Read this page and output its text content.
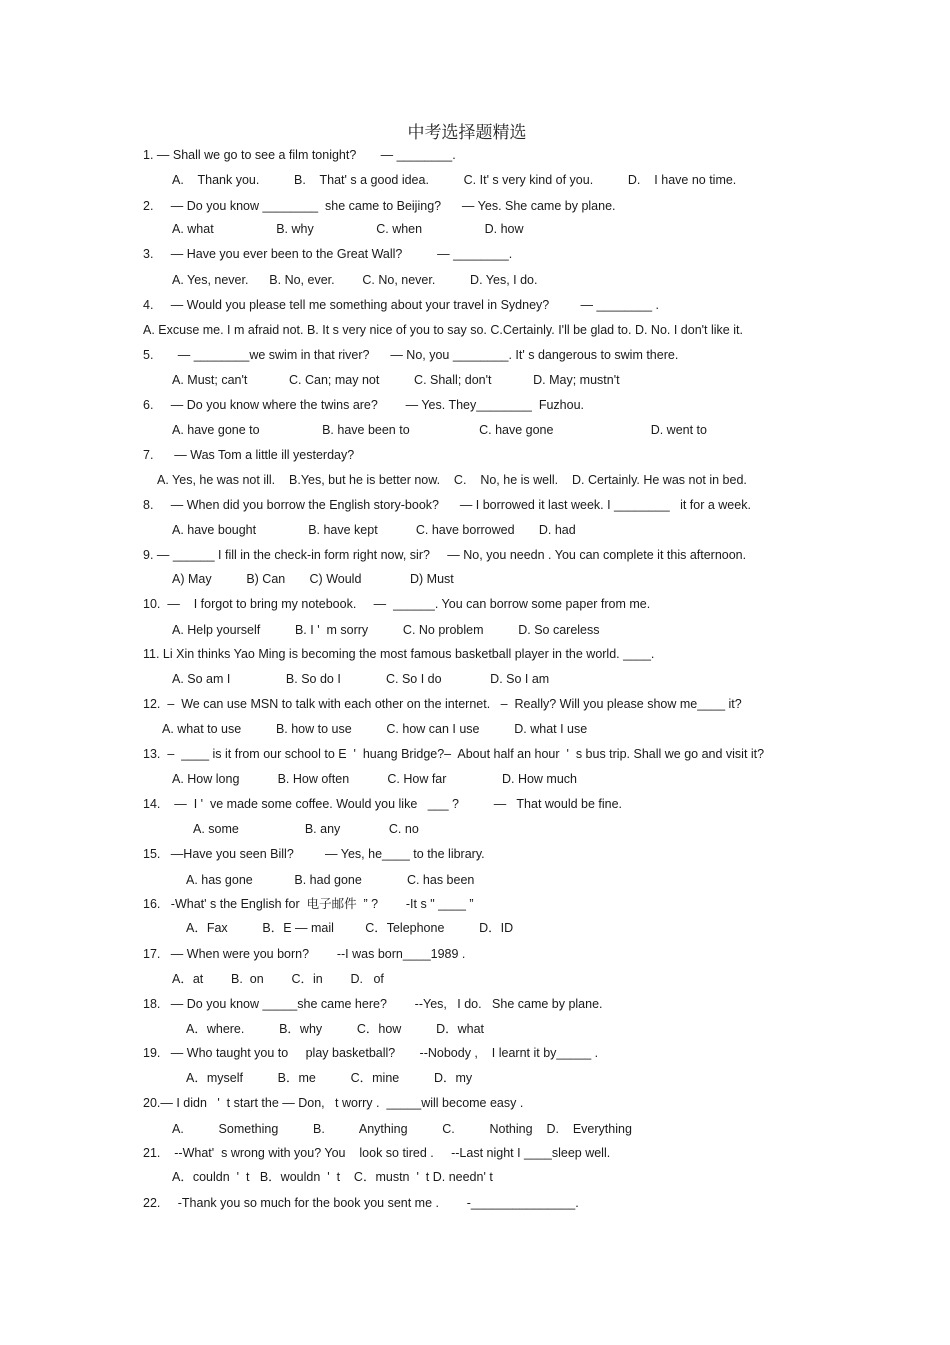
中考选择题精选
1. — Shall we go to see a film tonight?       — ________.
A.    Thank you.          B.    That' s a good idea.          C. It' s very kind of you.          D.    I have no time.
2.     — Do you know ________  she came to Beijing?      — Yes. She came by plane.
A. what                  B. why                  C. when                  D. how
3.     — Have you ever been to the Great Wall?          — ________.
A. Yes, never.      B. No, ever.        C. No, never.          D. Yes, I do.
4.     — Would you please tell me something about your travel in Sydney?         — ________ .
A. Excuse me. I m afraid not. B. It s very nice of you to say so. C.Certainly. I'll be glad to. D. No. I don't like it.
5.       — ________we swim in that river?      — No, you ________. It' s dangerous to swim there.
A. Must; can't            C. Can; may not          C. Shall; don't            D. May; mustn't
6.     — Do you know where the twins are?        — Yes. They________  Fuzhou.
A. have gone to                  B. have been to                    C. have gone                            D. went to
7.      — Was Tom a little ill yesterday?
A. Yes, he was not ill.    B.Yes, but he is better now.    C.    No, he is well.    D. Certainly. He was not in bed.
8.     — When did you borrow the English story-book?      — I borrowed it last week. I ________   it for a week.
A. have bought               B. have kept           C. have borrowed       D. had
9. — ______ I fill in the check-in form right now, sir?     — No, you needn . You can complete it this afternoon.
A) May          B) Can       C) Would              D) Must
10.  —    I forgot to bring my notebook.     —  ______. You can borrow some paper from me.
A. Help yourself          B. I '  m sorry          C. No problem          D. So careless
11. Li Xin thinks Yao Ming is becoming the most famous basketball player in the world. ____.
A. So am I                B. So do I             C. So I do              D. So I am
12.  –  We can use MSN to talk with each other on the internet.   –  Really? Will you please show me____ it?
A. what to use          B. how to use          C. how can I use          D. what I use
13.  –  ____ is it from our school to E  '  huang Bridge?–  About half an hour  '  s bus trip. Shall we go and visit it?
A. How long           B. How often           C. How far                D. How much
14.    —  I '  ve made some coffee. Would you like   ___ ?          —   That would be fine.
A. some                   B. any              C. no
15.   —Have you seen Bill?         — Yes, he____ to the library.
A. has gone            B. had gone             C. has been
16.   -What' s the English for  电子邮件  ” ?        -It s " ____ ”
A．Fax          B．E — mail         C．Telephone          D．ID
17.   — When were you born?        --I was born____1989 .
A．at        B.  on        C．in        D.   of
18.   — Do you know _____she came here?        --Yes,   I do.   She came by plane.
A．where.          B．why          C．how          D．what
19.   — Who taught you to     play basketball?       --Nobody ,    I learnt it by_____ .
A．myself          B．me          C．mine          D．my
20.— I didn   '  t start the — Don,   t worry .  _____will become easy .
A.          Something          B.          Anything          C.          Nothing    D.    Everything
21.    --What'  s wrong with you? You    look so tired .     --Last night I ____sleep well.
A．couldn  '  t   B．wouldn  '  t    C．mustn  '  t D. needn' t
22.     -Thank you so much for the book you sent me .        -_______________.
